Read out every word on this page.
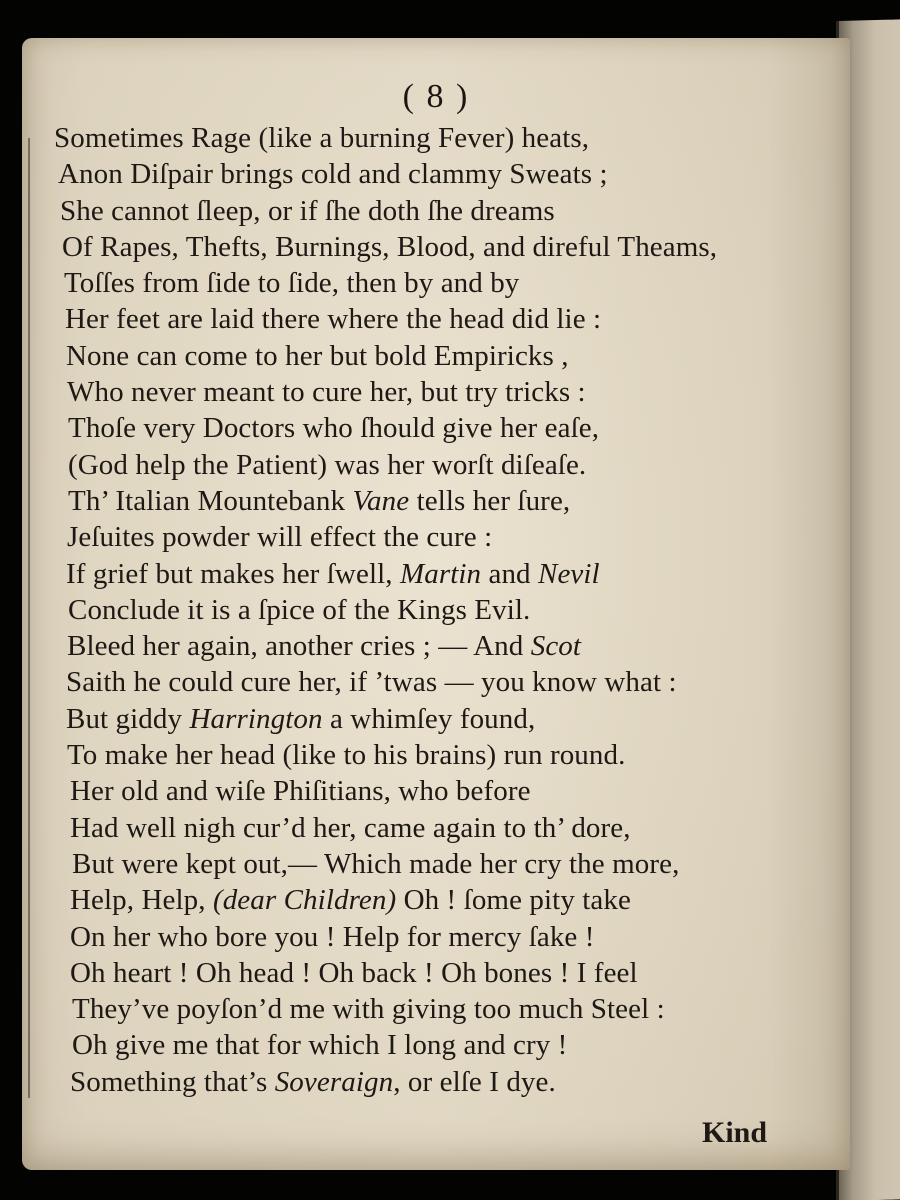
( 8 )
Sometimes Rage (like a burning Fever) heats,
Anon Diſpair brings cold and clammy Sweats ;
She cannot ſleep, or if ſhe doth ſhe dreams
Of Rapes, Thefts, Burnings, Blood, and direful Theams,
Toſſes from ſide to ſide, then by and by
Her feet are laid there where the head did lie :
None can come to her but bold Empiricks ,
Who never meant to cure her, but try tricks :
Thoſe very Doctors who ſhould give her eaſe,
(God help the Patient) was her worſt diſeaſe.
Th’ Italian Mountebank Vane tells her ſure,
Jeſuites powder will effect the cure :
If grief but makes her ſwell, Martin and Nevil
Conclude it is a ſpice of the Kings Evil.
Bleed her again, another cries ; — And Scot
Saith he could cure her, if ’twas — you know what :
But giddy Harrington a whimſey found,
To make her head (like to his brains) run round.
Her old and wiſe Phiſitians, who before
Had well nigh cur’d her, came again to th’ dore,
But were kept out,— Which made her cry the more,
Help, Help, (dear Children) Oh ! ſome pity take
On her who bore you ! Help for mercy ſake !
Oh heart ! Oh head ! Oh back ! Oh bones ! I feel
They’ve poyſon’d me with giving too much Steel :
Oh give me that for which I long and cry !
Something that’s Soveraign, or elſe I dye.
Kind
